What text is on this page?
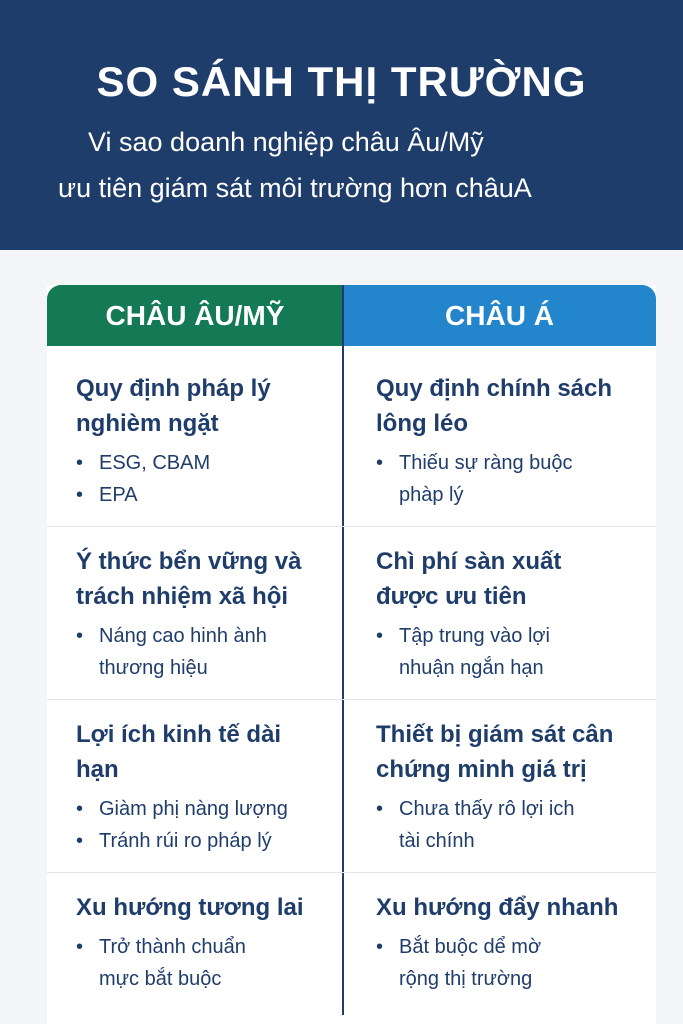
SO SÁNH THỊ TRƯỜNG

Vi sao doanh nghiệp châu Âu/Mỹ

ưu tiên giám sát môi trường hơn châuA

CHÂU ÂU/MỸ	CHÂU Á
Quy định pháp lý
nghièm ngặt
• ESG, CBAM
• EPA
Quy định chính sách
lông léo
• Thiếu sự ràng buộc
phàp lý
Ý thức bển vững và
trách nhiệm xã hội
• Náng cao hinh ành
thương hiệu
Chì phí sàn xuất
được ưu tiên
• Tập trung vào lợi
nhuận ngắn hạn
Lợi ích kinh tế dài
hạn
• Giàm phị nàng lượng
• Tránh rúi ro pháp lý
Thiết bị giám sát cân
chứng minh giá trị
• Chưa thấy rô lợi ich
tài chính
Xu hướng tương lai
• Trở thành chuẩn
mực bắt buộc
Xu hướng đẩy nhanh
• Bắt buộc dể mờ
rộng thị trường
